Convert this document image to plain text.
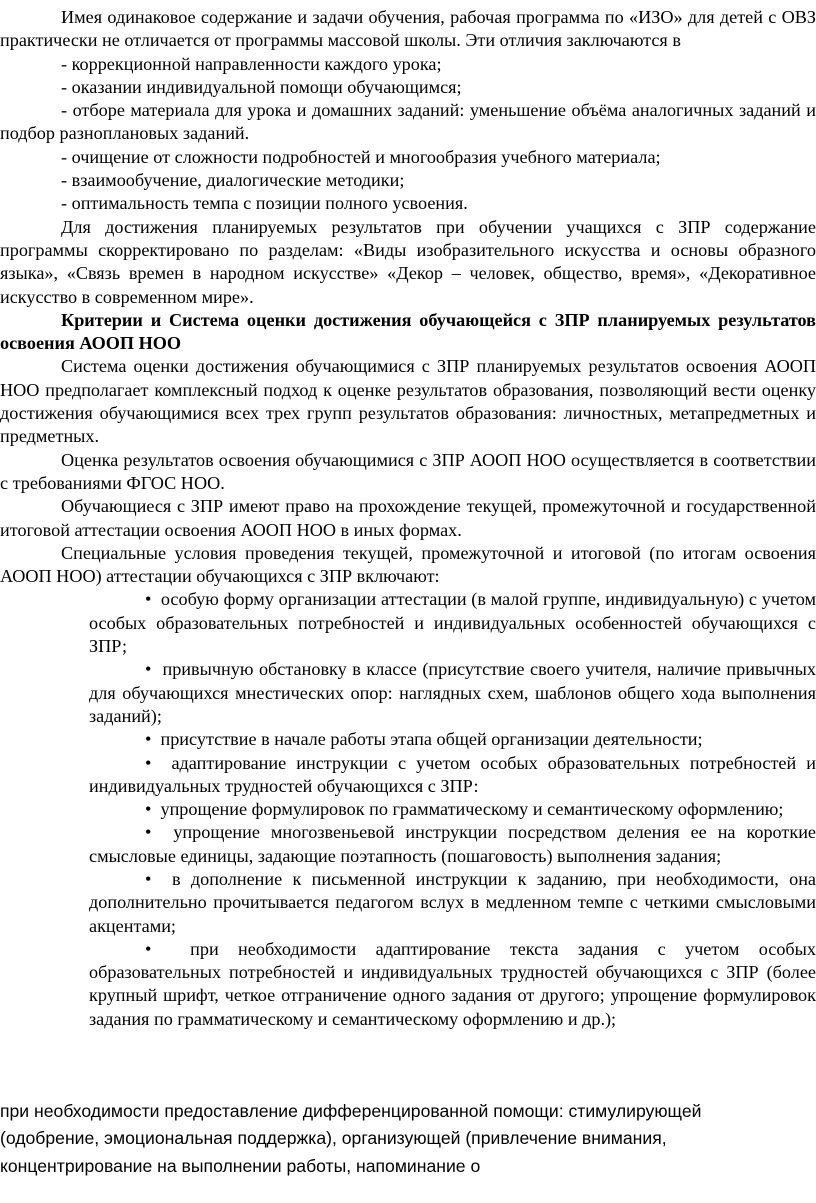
Имея одинаковое содержание и задачи обучения, рабочая программа по «ИЗО» для детей с ОВЗ практически не отличается от программы массовой школы. Эти отличия заключаются в

- коррекционной направленности каждого урока;

- оказании индивидуальной помощи обучающимся;

- отборе материала для урока и домашних заданий: уменьшение объёма аналогичных заданий и подбор разноплановых заданий.

- очищение от сложности подробностей и многообразия учебного материала;

- взаимообучение, диалогические методики;

- оптимальность темпа с позиции полного усвоения.

Для достижения планируемых результатов при обучении учащихся с ЗПР содержание программы скорректировано по разделам: «Виды изобразительного искусства и основы образного языка», «Связь времен в народном искусстве» «Декор – человек, общество, время», «Декоративное искусство в современном мире».

Критерии и Система оценки достижения обучающейся с ЗПР планируемых результатов освоения АООП НОО

Система оценки достижения обучающимися с ЗПР планируемых результатов освоения АООП НОО предполагает комплексный подход к оценке результатов образования, позволяющий вести оценку достижения обучающимися всех трех групп результатов образования: личностных, метапредметных и предметных.

Оценка результатов освоения обучающимися с ЗПР АООП НОО осуществляется в соответствии с требованиями ФГОС НОО.

Обучающиеся с ЗПР имеют право на прохождение текущей, промежуточной и государственной итоговой аттестации освоения АООП НОО в иных формах.

Специальные условия проведения текущей, промежуточной и итоговой (по итогам освоения АООП НОО) аттестации обучающихся с ЗПР включают:

• особую форму организации аттестации (в малой группе, индивидуальную) с учетом особых образовательных потребностей и индивидуальных особенностей обучающихся с ЗПР;

• привычную обстановку в классе (присутствие своего учителя, наличие привычных для обучающихся мнестических опор: наглядных схем, шаблонов общего хода выполнения заданий);

• присутствие в начале работы этапа общей организации деятельности;

• адаптирование инструкции с учетом особых образовательных потребностей и индивидуальных трудностей обучающихся с ЗПР:

• упрощение формулировок по грамматическому и семантическому оформлению;

• упрощение многозвеньевой инструкции посредством деления ее на короткие смысловые единицы, задающие поэтапность (пошаговость) выполнения задания;

• в дополнение к письменной инструкции к заданию, при необходимости, она дополнительно прочитывается педагогом вслух в медленном темпе с четкими смысловыми акцентами;

• при необходимости адаптирование текста задания с учетом особых образовательных потребностей и индивидуальных трудностей обучающихся с ЗПР (более крупный шрифт, четкое отграничение одного задания от другого; упрощение формулировок задания по грамматическому и семантическому оформлению и др.);

при необходимости предоставление дифференцированной помощи: стимулирующей (одобрение, эмоциональная поддержка), организующей (привлечение внимания, концентрирование на выполнении работы, напоминание о
